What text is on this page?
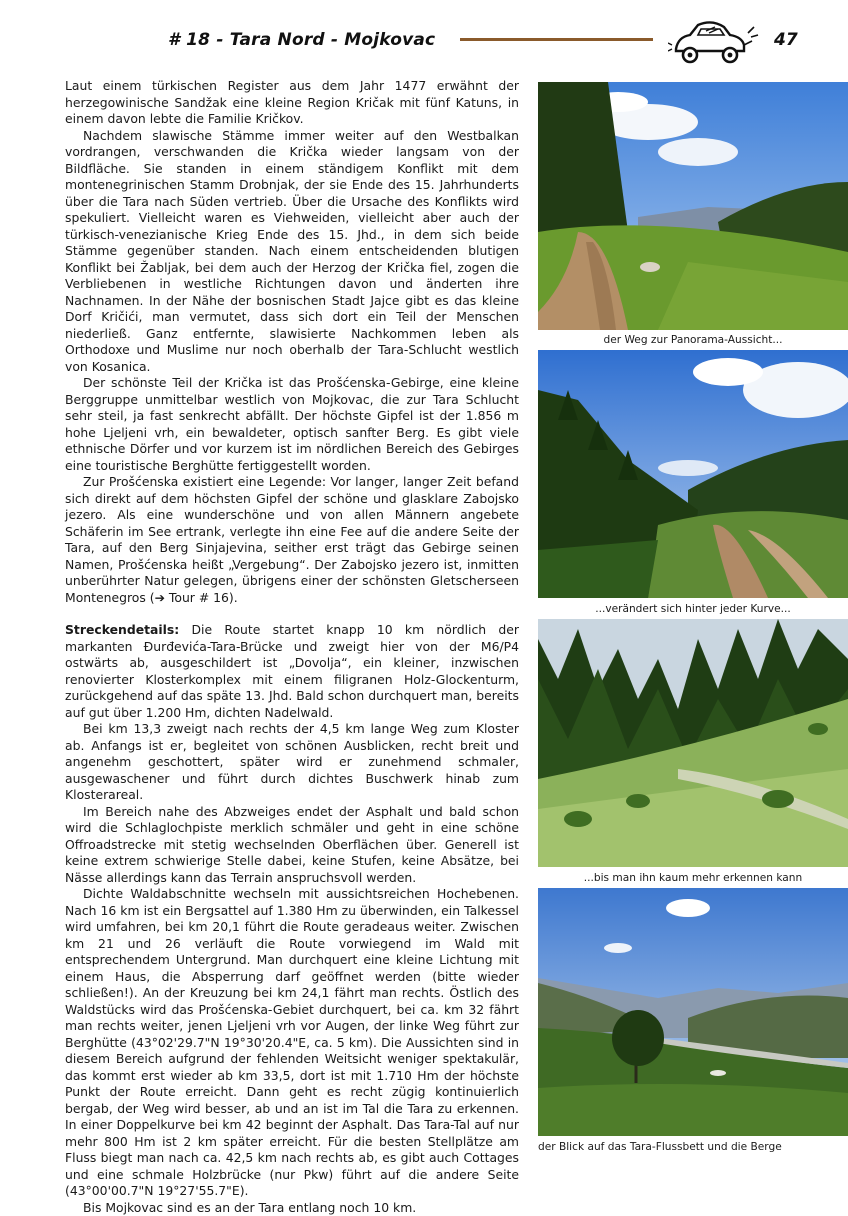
# 18 - Tara Nord - Mojkovac	47

Laut einem türkischen Register aus dem Jahr 1477 erwähnt der herzegowinische Sandžak eine kleine Region Kričak mit fünf Katuns, in einem davon lebte die Familie Kričkov.

Nachdem slawische Stämme immer weiter auf den Westbalkan vordrangen, verschwanden die Krička wieder langsam von der Bildfläche. Sie standen in einem ständigem Konflikt mit dem montenegrinischen Stamm Drobnjak, der sie Ende des 15. Jahrhunderts über die Tara nach Süden vertrieb. Über die Ursache des Konflikts wird spekuliert. Vielleicht waren es Viehweiden, vielleicht aber auch der türkisch-venezianische Krieg Ende des 15. Jhd., in dem sich beide Stämme gegenüber standen. Nach einem entscheidenden blutigen Konflikt bei Žabljak, bei dem auch der Herzog der Krička fiel, zogen die Verbliebenen in westliche Richtungen davon und änderten ihre Nachnamen. In der Nähe der bosnischen Stadt Jajce gibt es das kleine Dorf Kričići, man vermutet, dass sich dort ein Teil der Menschen niederließ. Ganz entfernte, slawisierte Nachkommen leben als Orthodoxe und Muslime nur noch oberhalb der Tara-Schlucht westlich von Kosanica.

Der schönste Teil der Krička ist das Prošćenska-Gebirge, eine kleine Berggruppe unmittelbar westlich von Mojkovac, die zur Tara Schlucht sehr steil, ja fast senkrecht abfällt. Der höchste Gipfel ist der 1.856 m hohe Ljeljeni vrh, ein bewaldeter, optisch sanfter Berg. Es gibt viele ethnische Dörfer und vor kurzem ist im nördlichen Bereich des Gebirges eine touristische Berghütte fertiggestellt worden.

Zur Prošćenska existiert eine Legende: Vor langer, langer Zeit befand sich direkt auf dem höchsten Gipfel der schöne und glasklare Zabojsko jezero. Als eine wunderschöne und von allen Männern angebete Schäferin im See ertrank, verlegte ihn eine Fee auf die andere Seite der Tara, auf den Berg Sinjajevina, seither erst trägt das Gebirge seinen Namen, Prošćenska heißt „Vergebung“. Der Zabojsko jezero ist, inmitten unberührter Natur gelegen, übrigens einer der schönsten Gletscherseen Montenegros (➔ Tour # 16).

Streckendetails: Die Route startet knapp 10 km nördlich der markanten Đurđevića-Tara-Brücke und zweigt hier von der M6/P4 ostwärts ab, ausgeschildert ist „Dovolja“, ein kleiner, inzwischen renovierter Klosterkomplex mit einem filigranen Holz-Glockenturm, zurückgehend auf das späte 13. Jhd. Bald schon durchquert man, bereits auf gut über 1.200 Hm, dichten Nadelwald.

Bei km 13,3 zweigt nach rechts der 4,5 km lange Weg zum Kloster ab. Anfangs ist er, begleitet von schönen Ausblicken, recht breit und angenehm geschottert, später wird er zunehmend schmaler, ausgewaschener und führt durch dichtes Buschwerk hinab zum Klosterareal.

Im Bereich nahe des Abzweiges endet der Asphalt und bald schon wird die Schlaglochpiste merklich schmäler und geht in eine schöne Offroadstrecke mit stetig wechselnden Oberflächen über. Generell ist keine extrem schwierige Stelle dabei, keine Stufen, keine Absätze, bei Nässe allerdings kann das Terrain anspruchsvoll werden.

Dichte Waldabschnitte wechseln mit aussichtsreichen Hochebenen. Nach 16 km ist ein Bergsattel auf 1.380 Hm zu überwinden, ein Talkessel wird umfahren, bei km 20,1 führt die Route geradeaus weiter. Zwischen km 21 und 26 verläuft die Route vorwiegend im Wald mit entsprechendem Untergrund. Man durchquert eine kleine Lichtung mit einem Haus, die Absperrung darf geöffnet werden (bitte wieder schließen!). An der Kreuzung bei km 24,1 fährt man rechts. Östlich des Waldstücks wird das Prošćenska-Gebiet durchquert, bei ca. km 32 fährt man rechts weiter, jenen Ljeljeni vrh vor Augen, der linke Weg führt zur Berghütte (43°02'29.7"N 19°30'20.4"E, ca. 5 km). Die Aussichten sind in diesem Bereich aufgrund der fehlenden Weitsicht weniger spektakulär, das kommt erst wieder ab km 33,5, dort ist mit 1.710 Hm der höchste Punkt der Route erreicht. Dann geht es recht zügig kontinuierlich bergab, der Weg wird besser, ab und an ist im Tal die Tara zu erkennen. In einer Doppelkurve bei km 42 beginnt der Asphalt. Das Tara-Tal auf nur mehr 800 Hm ist 2 km später erreicht. Für die besten Stellplätze am Fluss biegt man nach ca. 42,5 km nach rechts ab, es gibt auch Cottages und eine schmale Holzbrücke (nur Pkw) führt auf die andere Seite (43°00'00.7"N 19°27'55.7"E).

Bis Mojkovac sind es an der Tara entlang noch 10 km.

der Weg zur Panorama-Aussicht...
...verändert sich hinter jeder Kurve...
...bis man ihn kaum mehr erkennen kann
der Blick auf das Tara-Flussbett und die Berge
